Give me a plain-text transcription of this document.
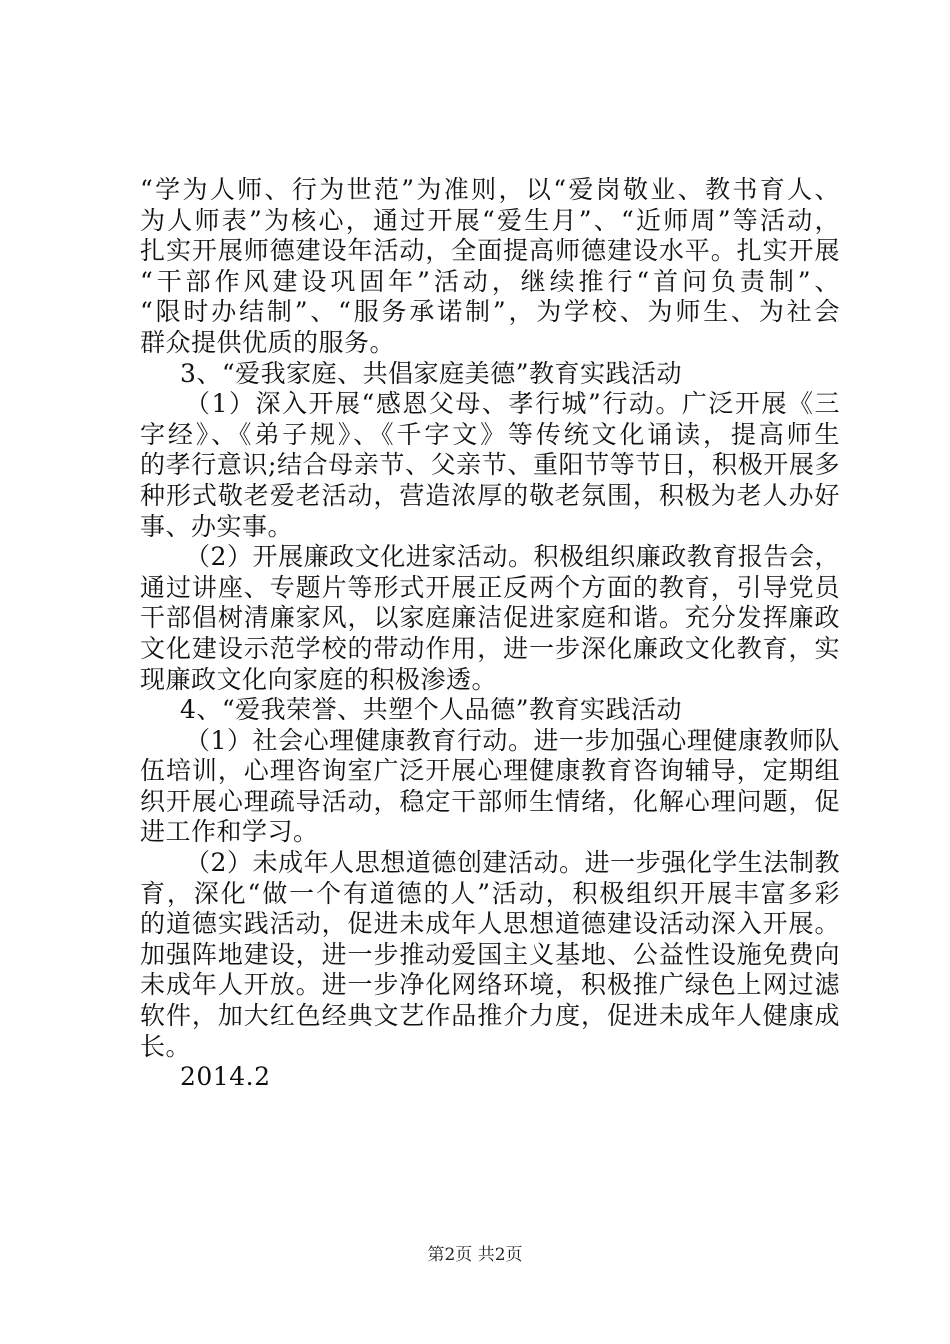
“学为人师、行为世范”为准则，以“爱岗敬业、教书育人、
为人师表”为核心，通过开展“爱生月”、“近师周”等活动，
扎实开展师德建设年活动，全面提高师德建设水平。扎实开展
“干部作风建设巩固年”活动，继续推行“首问负责制”、
“限时办结制”、“服务承诺制”，为学校、为师生、为社会
群众提供优质的服务。
3、“爱我家庭、共倡家庭美德”教育实践活动
（1）深入开展“感恩父母、孝行城”行动。广泛开展《三
字经》、《弟子规》、《千字文》等传统文化诵读，提高师生
的孝行意识;结合母亲节、父亲节、重阳节等节日，积极开展多
种形式敬老爱老活动，营造浓厚的敬老氛围，积极为老人办好
事、办实事。
（2）开展廉政文化进家活动。积极组织廉政教育报告会，
通过讲座、专题片等形式开展正反两个方面的教育，引导党员
干部倡树清廉家风，以家庭廉洁促进家庭和谐。充分发挥廉政
文化建设示范学校的带动作用，进一步深化廉政文化教育，实
现廉政文化向家庭的积极渗透。
4、“爱我荣誉、共塑个人品德”教育实践活动
（1）社会心理健康教育行动。进一步加强心理健康教师队
伍培训，心理咨询室广泛开展心理健康教育咨询辅导，定期组
织开展心理疏导活动，稳定干部师生情绪，化解心理问题，促
进工作和学习。
（2）未成年人思想道德创建活动。进一步强化学生法制教
育，深化“做一个有道德的人”活动，积极组织开展丰富多彩
的道德实践活动，促进未成年人思想道德建设活动深入开展。
加强阵地建设，进一步推动爱国主义基地、公益性设施免费向
未成年人开放。进一步净化网络环境，积极推广绿色上网过滤
软件，加大红色经典文艺作品推介力度，促进未成年人健康成
长。
2014.2
第2页 共2页
